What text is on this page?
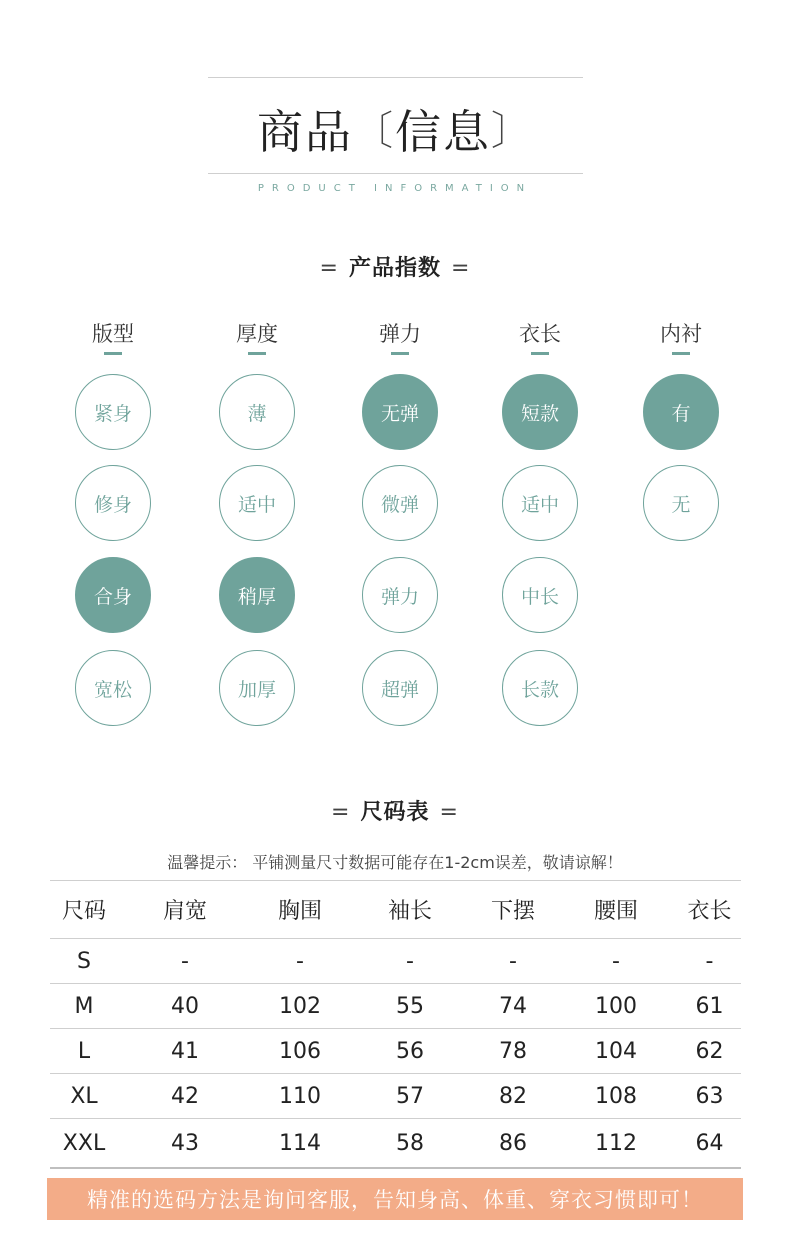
商品〔信息〕
PRODUCT INFORMATION
= 产品指数 =
版型
紧身
修身
合身
宽松
厚度
薄
适中
稍厚
加厚
弹力
无弹
微弹
弹力
超弹
衣长
短款
适中
中长
长款
内衬
有
无
= 尺码表 =
温馨提示： 平铺测量尺寸数据可能存在1-2cm误差，敬请谅解！
尺码	肩宽	胸围	袖长	下摆	腰围	衣长
S	-	-	-	-	-	-
M	40	102	55	74	100	61
L	41	106	56	78	104	62
XL	42	110	57	82	108	63
XXL	43	114	58	86	112	64
精准的选码方法是询问客服，告知身高、体重、穿衣习惯即可！
